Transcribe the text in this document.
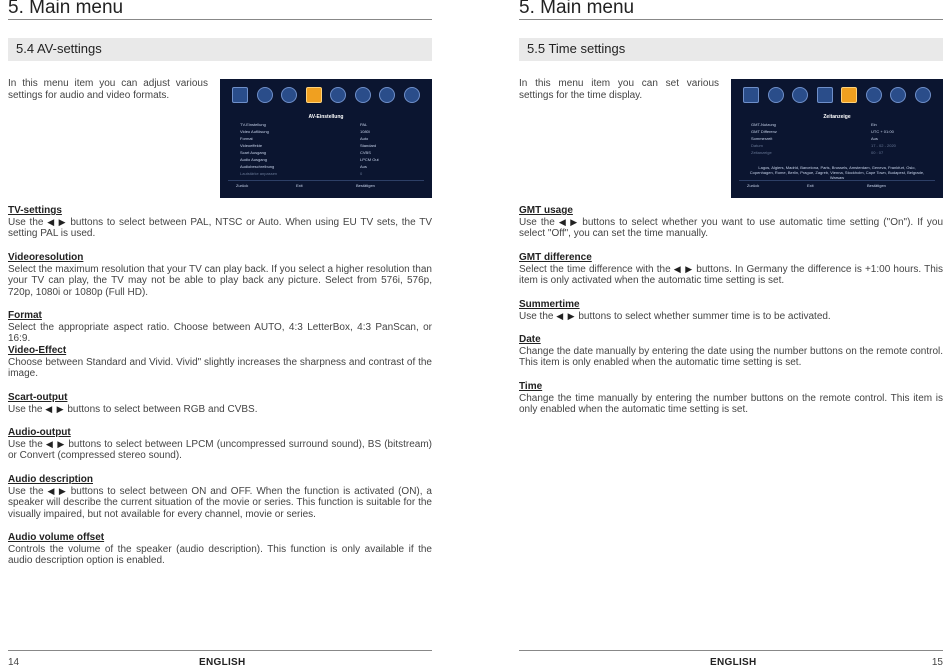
5. Main menu
5.4 AV-settings
In this menu item you can adjust various settings for audio and video formats.
AV-Einstellung
TV-Einstellung	PAL
Video Auflösung	1080i
Format	Auto
Videoeffekte	Standard
Scart Ausgang	CVBS
Audio Ausgang	LPCM Out
Audiobeschreibung	Aus
Lautstärke anpassen	0
Zurück	Exit	Bestätigen
TV-settings
Use the ◀ ▶ buttons to select between PAL, NTSC or Auto. When using EU TV sets, the TV setting PAL is used.
Videoresolution
Select the maximum resolution that your TV can play back. If you select a higher resolution than your TV can play, the TV may not be able to play back any picture. Select from 576i, 576p, 720p, 1080i or 1080p (Full HD).
Format
Select the appropriate aspect ratio. Choose between AUTO, 4:3 LetterBox, 4:3 PanScan, or 16:9.
Video-Effect
Choose between Standard and Vivid. Vivid" slightly increases the sharpness and contrast of the image.
Scart-output
Use the ◀ ▶ buttons to select between RGB and CVBS.
Audio-output
Use the ◀ ▶ buttons to select between LPCM (uncompressed surround sound), BS (bitstream) or Convert (compressed stereo sound).
Audio description
Use the ◀ ▶ buttons to select between ON and OFF. When the function is activated (ON), a speaker will describe the current situation of the movie or series. This function is suitable for the visually impaired, but not available for every channel, movie or series.
Audio volume offset
Controls the volume of the speaker (audio description). This function is only available if the audio description option is enabled.
14	ENGLISH
5. Main menu
5.5 Time settings
In this menu item you can set various settings for the time display.
Zeitanzeige
GMT-Nutzung	Ein
GMT Differenz	UTC + 01:00
Sommerzeit	Aus
Datum	17 - 02 - 2020
Zeitanzeige	00 : 07
Lagos, Algiers, Madrid, Barcelona, Paris, Brussels, Amsterdam, Geneva, Frankfurt, Oslo, Copenhagen, Rome, Berlin, Prague, Zagreb, Vienna, Stockholm, Cape Town, Budapest, Belgrade, Warsaw
Zurück	Exit	Bestätigen
GMT usage
Use the ◀ ▶ buttons to select whether you want to use automatic time setting ("On"). If you select "Off", you can set the time manually.
GMT difference
Select the time difference with the ◀ ▶ buttons. In Germany the difference is +1:00 hours. This item is only activated when the automatic time setting is set.
Summertime
Use the ◀ ▶ buttons to select whether summer time is to be activated.
Date
Change the date manually by entering the date using the number buttons on the remote control. This item is only enabled when the automatic time setting is set.
Time
Change the time manually by entering the number buttons on the remote control. This item is only enabled when the automatic time setting is set.
ENGLISH	15
